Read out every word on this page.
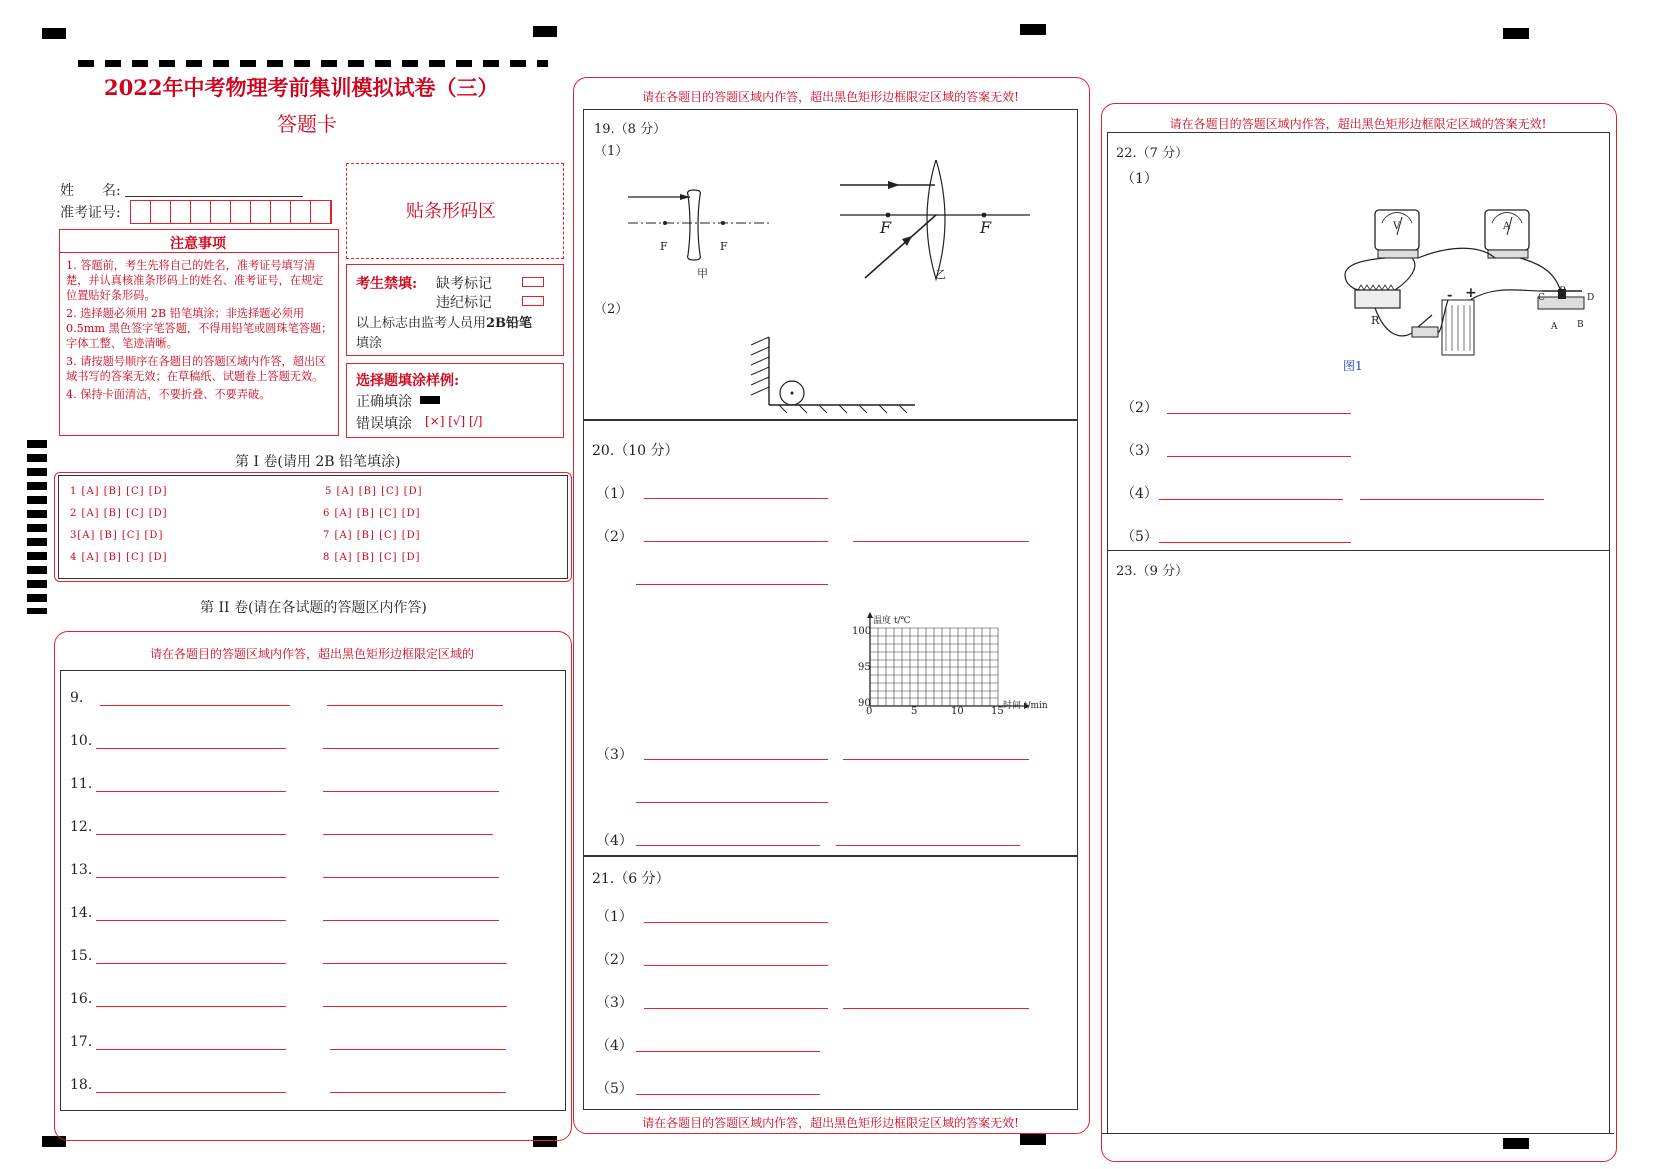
2022年中考物理考前集训模拟试卷（三）
答题卡
姓　　名:
准考证号:	贴条形码区
注意事项
1. 答题前，考生先将自己的姓名，准考证号填写清楚，并认真核准条形码上的姓名、准考证号，在规定位置贴好条形码。
2. 选择题必须用 2B 铅笔填涂；非选择题必须用 0.5mm 黑色签字笔答题，不得用铅笔或圆珠笔答题；字体工整、笔迹清晰。
3. 请按题号顺序在各题目的答题区域内作答，超出区域书写的答案无效；在草稿纸、试题卷上答题无效。
4. 保持卡面清洁，不要折叠、不要弄破。
考生禁填: 缺考标记
违纪标记
以上标志由监考人员用2B铅笔
填涂
选择题填涂样例:
正确填涂
错误填涂 [×] [√] [/]
第 I 卷(请用 2B 铅笔填涂)
1 [A] [B] [C] [D]
2 [A] [B] [C] [D]
3[A] [B] [C] [D]
4 [A] [B] [C] [D]
5 [A] [B] [C] [D]
6 [A] [B] [C] [D]
7 [A] [B] [C] [D]
8 [A] [B] [C] [D]
第 II 卷(请在各试题的答题区内作答)
请在各题目的答题区域内作答，超出黑色矩形边框限定区域的
9.
10.
11.
12.
13.
14.
15.
16.
17.
18.
请在各题目的答题区域内作答，超出黑色矩形边框限定区域的答案无效!
请在各题目的答题区域内作答，超出黑色矩形边框限定区域的答案无效!
19.（8 分）
（1）
（2）
F	F
甲
F	F
乙
20.（10 分）
（1）
（2）
温度 t/℃
时间 t/min
100
95
90
0	5	10	15
（3）
（4）
21.（6 分）
（1）
（2）
（3）
（4）
（5）
请在各题目的答题区域内作答，超出黑色矩形边框限定区域的答案无效!
22.（7 分）
（1）
V	A
R
- +	C
P
D
A B
图1
（2）
（3）
（4）
（5）
23.（9 分）
